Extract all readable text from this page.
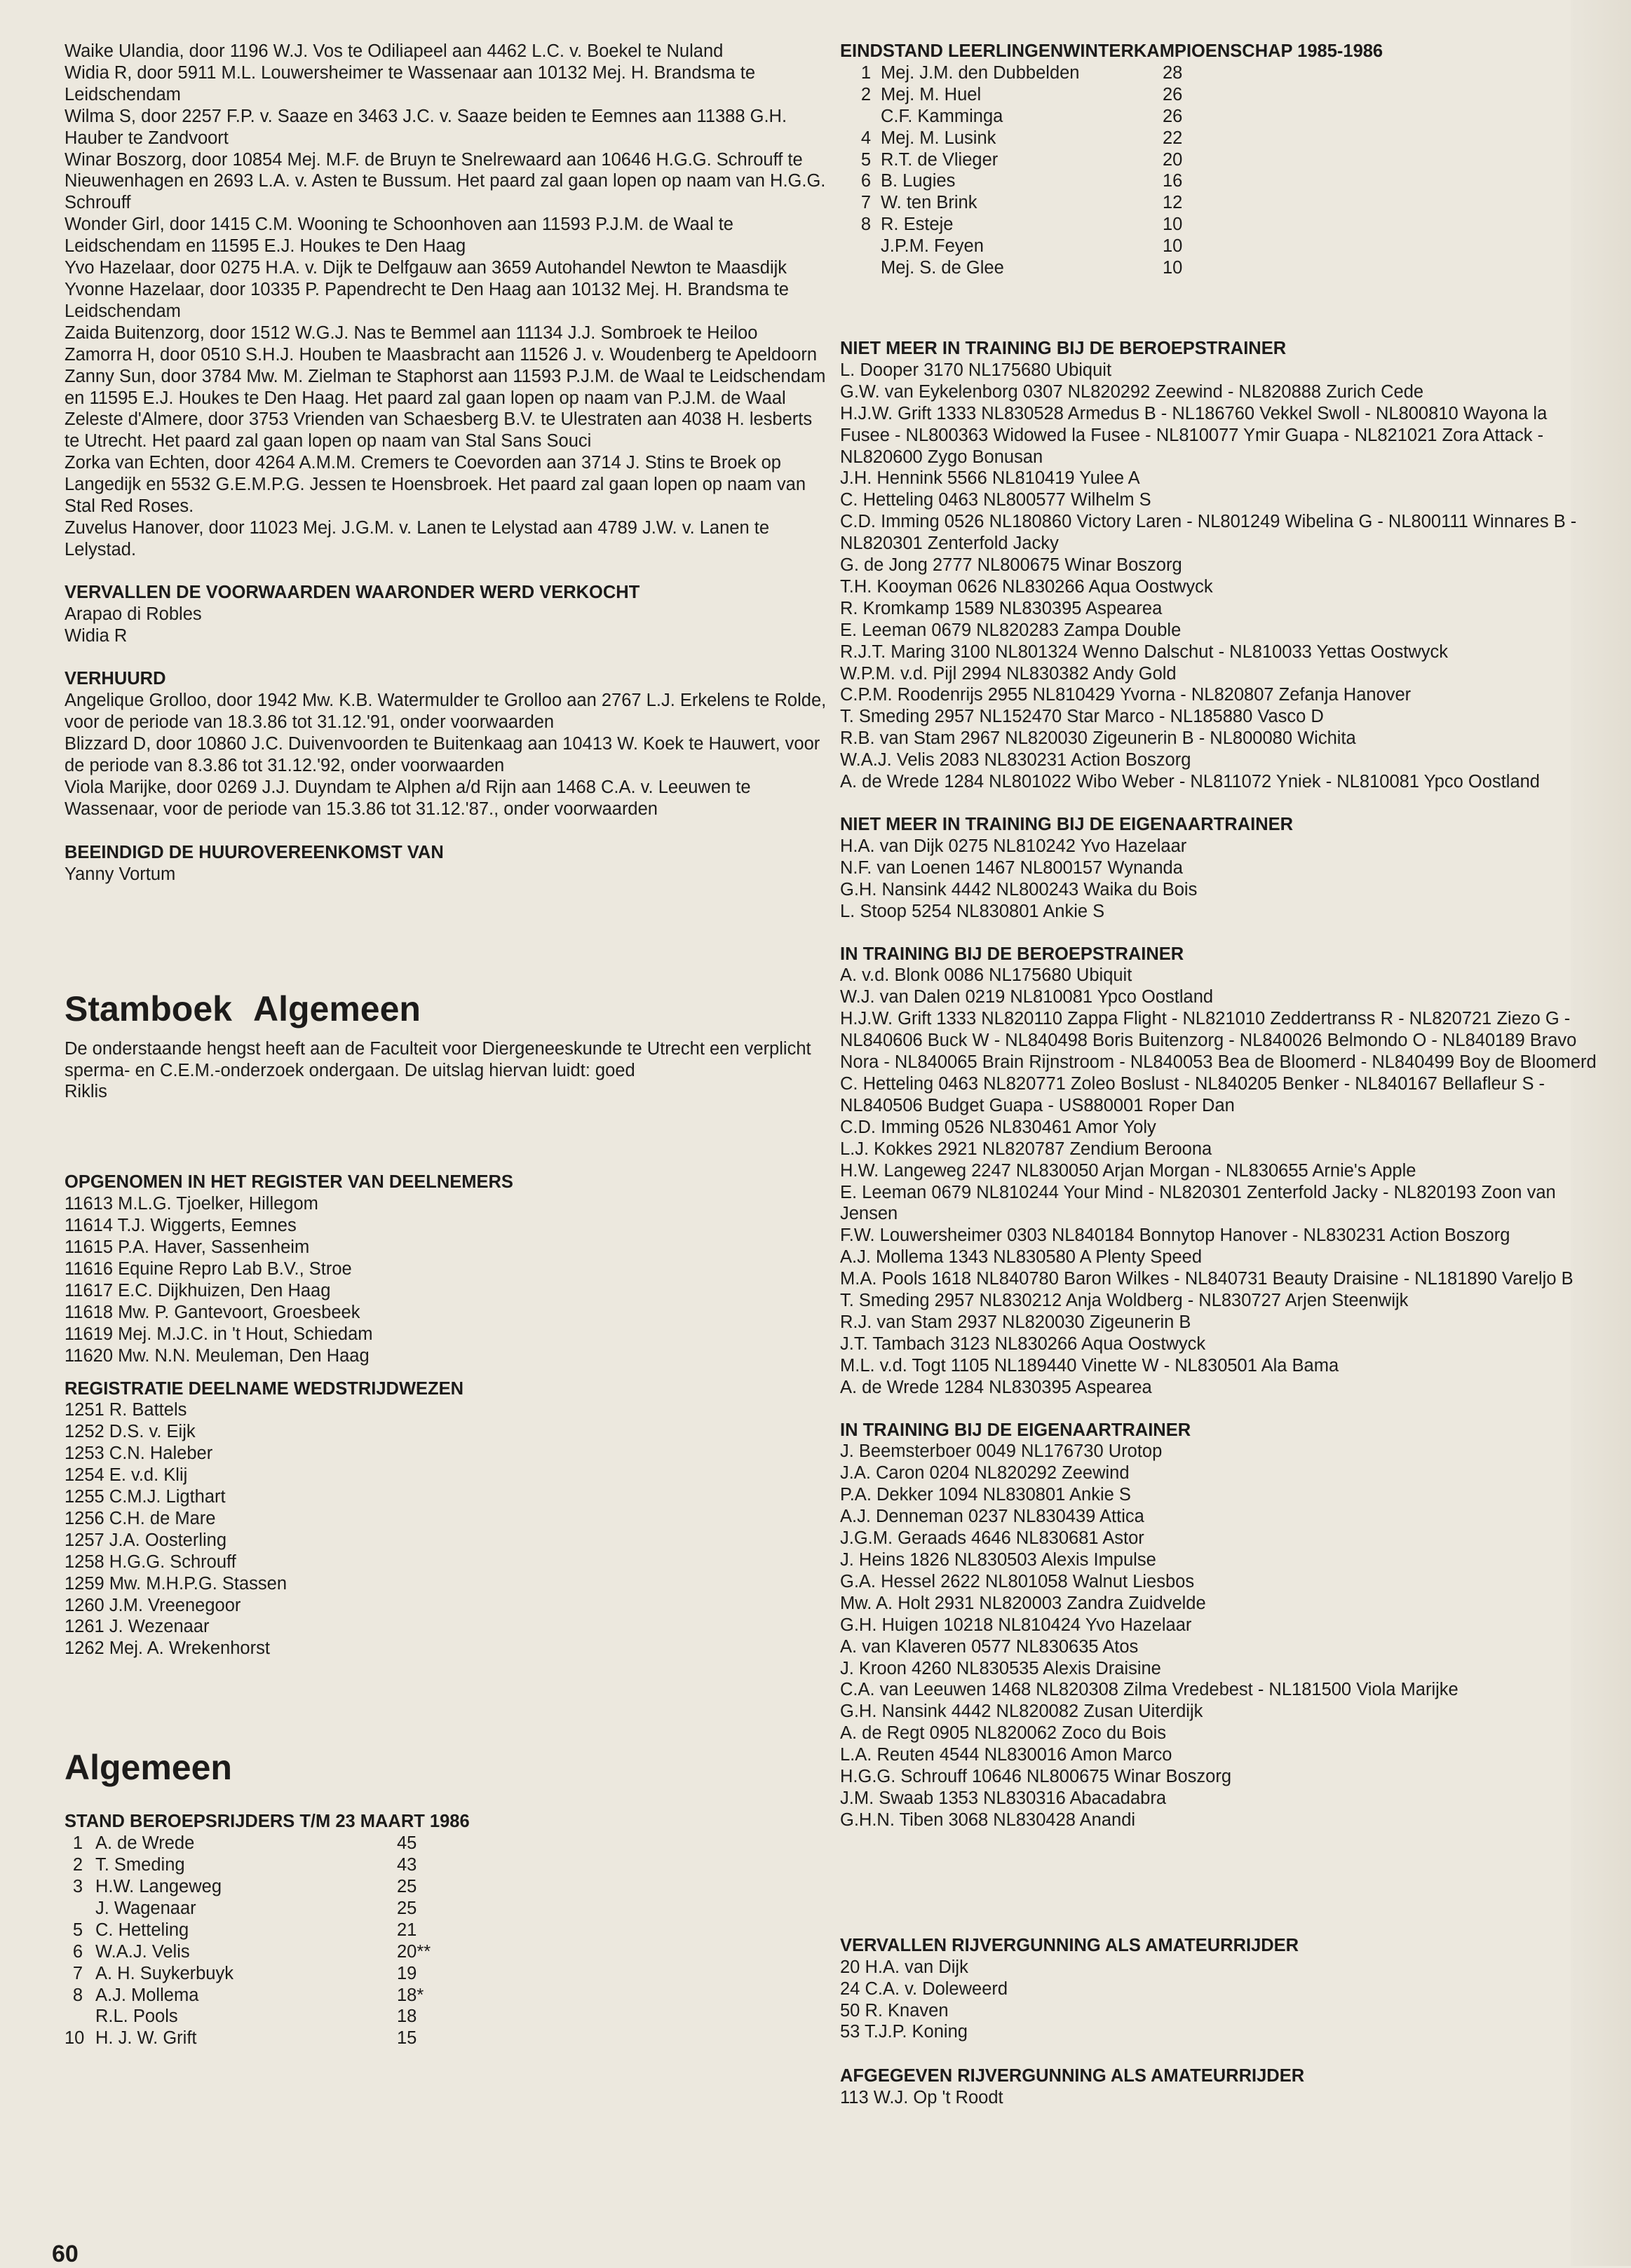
Waike Ulandia, door 1196 W.J. Vos te Odiliapeel aan 4462 L.C. v. Boekel te Nuland

Widia R, door 5911 M.L. Louwersheimer te Wassenaar aan 10132 Mej. H. Brandsma te Leidschendam

Wilma S, door 2257 F.P. v. Saaze en 3463 J.C. v. Saaze beiden te Eemnes aan 11388 G.H. Hauber te Zandvoort

Winar Boszorg, door 10854 Mej. M.F. de Bruyn te Snelrewaard aan 10646 H.G.G. Schrouff te Nieuwenhagen en 2693 L.A. v. Asten te Bussum. Het paard zal gaan lopen op naam van H.G.G. Schrouff

Wonder Girl, door 1415 C.M. Wooning te Schoonhoven aan 11593 P.J.M. de Waal te Leidschendam en 11595 E.J. Houkes te Den Haag

Yvo Hazelaar, door 0275 H.A. v. Dijk te Delfgauw aan 3659 Autohandel Newton te Maasdijk

Yvonne Hazelaar, door 10335 P. Papendrecht te Den Haag aan 10132 Mej. H. Brandsma te Leidschendam

Zaida Buitenzorg, door 1512 W.G.J. Nas te Bemmel aan 11134 J.J. Sombroek te Heiloo

Zamorra H, door 0510 S.H.J. Houben te Maasbracht aan 11526 J. v. Woudenberg te Apeldoorn

Zanny Sun, door 3784 Mw. M. Zielman te Staphorst aan 11593 P.J.M. de Waal te Leidschendam en 11595 E.J. Houkes te Den Haag. Het paard zal gaan lopen op naam van P.J.M. de Waal

Zeleste d'Almere, door 3753 Vrienden van Schaesberg B.V. te Ulestraten aan 4038 H. lesberts te Utrecht. Het paard zal gaan lopen op naam van Stal Sans Souci

Zorka van Echten, door 4264 A.M.M. Cremers te Coevorden aan 3714 J. Stins te Broek op Langedijk en 5532 G.E.M.P.G. Jessen te Hoensbroek. Het paard zal gaan lopen op naam van Stal Red Roses.

Zuvelus Hanover, door 11023 Mej. J.G.M. v. Lanen te Lelystad aan 4789 J.W. v. Lanen te Lelystad.

VERVALLEN DE VOORWAARDEN WAARONDER WERD VERKOCHT
Arapao di Robles
Widia R
VERHUURD

Angelique Grolloo, door 1942 Mw. K.B. Watermulder te Grolloo aan 2767 L.J. Erkelens te Rolde, voor de periode van 18.3.86 tot 31.12.'91, onder voorwaarden

Blizzard D, door 10860 J.C. Duivenvoorden te Buitenkaag aan 10413 W. Koek te Hauwert, voor de periode van 8.3.86 tot 31.12.'92, onder voorwaarden

Viola Marijke, door 0269 J.J. Duyndam te Alphen a/d Rijn aan 1468 C.A. v. Leeuwen te Wassenaar, voor de periode van 15.3.86 tot 31.12.'87., onder voorwaarden

BEEINDIGD DE HUUROVEREENKOMST VAN
Yanny Vortum
Stamboek Algemeen

De onderstaande hengst heeft aan de Faculteit voor Diergeneeskunde te Utrecht een verplicht sperma- en C.E.M.-onderzoek ondergaan. De uitslag hiervan luidt: goed

Riklis
OPGENOMEN IN HET REGISTER VAN DEELNEMERS
11613 M.L.G. Tjoelker, Hillegom
11614 T.J. Wiggerts, Eemnes
11615 P.A. Haver, Sassenheim
11616 Equine Repro Lab B.V., Stroe
11617 E.C. Dijkhuizen, Den Haag
11618 Mw. P. Gantevoort, Groesbeek
11619 Mej. M.J.C. in 't Hout, Schiedam
11620 Mw. N.N. Meuleman, Den Haag
REGISTRATIE DEELNAME WEDSTRIJDWEZEN
1251 R. Battels
1252 D.S. v. Eijk
1253 C.N. Haleber
1254 E. v.d. Klij
1255 C.M.J. Ligthart
1256 C.H. de Mare
1257 J.A. Oosterling
1258 H.G.G. Schrouff
1259 Mw. M.H.P.G. Stassen
1260 J.M. Vreenegoor
1261 J. Wezenaar
1262 Mej. A. Wrekenhorst
Algemeen
STAND BEROEPSRIJDERS T/M 23 MAART 1986
1 A. de Wrede	45
2 T. Smeding	43
3 H.W. Langeweg	25
J. Wagenaar	25
5 C. Hetteling	21
6 W.A.J. Velis	20**
7 A. H. Suykerbuyk	19
8 A.J. Mollema	18*
R.L. Pools	18
10 H. J. W. Grift	15
60
EINDSTAND LEERLINGENWINTERKAMPIOENSCHAP 1985-1986
1 Mej. J.M. den Dubbelden	28
2 Mej. M. Huel	26
C.F. Kamminga	26
4 Mej. M. Lusink	22
5 R.T. de Vlieger	20
6 B. Lugies	16
7 W. ten Brink	12
8 R. Esteje	10
J.P.M. Feyen	10
Mej. S. de Glee	10
NIET MEER IN TRAINING BIJ DE BEROEPSTRAINER

L. Dooper 3170 NL175680 Ubiquit

G.W. van Eykelenborg 0307 NL820292 Zeewind - NL820888 Zurich Cede

H.J.W. Grift 1333 NL830528 Armedus B - NL186760 Vekkel Swoll - NL800810 Wayona la Fusee - NL800363 Widowed la Fusee - NL810077 Ymir Guapa - NL821021 Zora Attack - NL820600 Zygo Bonusan

J.H. Hennink 5566 NL810419 Yulee A

C. Hetteling 0463 NL800577 Wilhelm S

C.D. Imming 0526 NL180860 Victory Laren - NL801249 Wibelina G - NL800111 Winnares B - NL820301 Zenterfold Jacky

G. de Jong 2777 NL800675 Winar Boszorg

T.H. Kooyman 0626 NL830266 Aqua Oostwyck

R. Kromkamp 1589 NL830395 Aspearea

E. Leeman 0679 NL820283 Zampa Double

R.J.T. Maring 3100 NL801324 Wenno Dalschut - NL810033 Yettas Oostwyck

W.P.M. v.d. Pijl 2994 NL830382 Andy Gold

C.P.M. Roodenrijs 2955 NL810429 Yvorna - NL820807 Zefanja Hanover

T. Smeding 2957 NL152470 Star Marco - NL185880 Vasco D

R.B. van Stam 2967 NL820030 Zigeunerin B - NL800080 Wichita

W.A.J. Velis 2083 NL830231 Action Boszorg

A. de Wrede 1284 NL801022 Wibo Weber - NL811072 Yniek - NL810081 Ypco Oostland

NIET MEER IN TRAINING BIJ DE EIGENAARTRAINER
H.A. van Dijk 0275 NL810242 Yvo Hazelaar
N.F. van Loenen 1467 NL800157 Wynanda
G.H. Nansink 4442 NL800243 Waika du Bois
L. Stoop 5254 NL830801 Ankie S
IN TRAINING BIJ DE BEROEPSTRAINER

A. v.d. Blonk 0086 NL175680 Ubiquit

W.J. van Dalen 0219 NL810081 Ypco Oostland

H.J.W. Grift 1333 NL820110 Zappa Flight - NL821010 Zeddertranss R - NL820721 Ziezo G - NL840606 Buck W - NL840498 Boris Buitenzorg - NL840026 Belmondo O - NL840189 Bravo Nora - NL840065 Brain Rijnstroom - NL840053 Bea de Bloomerd - NL840499 Boy de Bloomerd

C. Hetteling 0463 NL820771 Zoleo Boslust - NL840205 Benker - NL840167 Bellafleur S - NL840506 Budget Guapa - US880001 Roper Dan

C.D. Imming 0526 NL830461 Amor Yoly

L.J. Kokkes 2921 NL820787 Zendium Beroona

H.W. Langeweg 2247 NL830050 Arjan Morgan - NL830655 Arnie's Apple

E. Leeman 0679 NL810244 Your Mind - NL820301 Zenterfold Jacky - NL820193 Zoon van Jensen

F.W. Louwersheimer 0303 NL840184 Bonnytop Hanover - NL830231 Action Boszorg

A.J. Mollema 1343 NL830580 A Plenty Speed

M.A. Pools 1618 NL840780 Baron Wilkes - NL840731 Beauty Draisine - NL181890 Vareljo B

T. Smeding 2957 NL830212 Anja Woldberg - NL830727 Arjen Steenwijk

R.J. van Stam 2937 NL820030 Zigeunerin B

J.T. Tambach 3123 NL830266 Aqua Oostwyck

M.L. v.d. Togt 1105 NL189440 Vinette W - NL830501 Ala Bama

A. de Wrede 1284 NL830395 Aspearea

IN TRAINING BIJ DE EIGENAARTRAINER
J. Beemsterboer 0049 NL176730 Urotop
J.A. Caron 0204 NL820292 Zeewind
P.A. Dekker 1094 NL830801 Ankie S
A.J. Denneman 0237 NL830439 Attica
J.G.M. Geraads 4646 NL830681 Astor
J. Heins 1826 NL830503 Alexis Impulse
G.A. Hessel 2622 NL801058 Walnut Liesbos
Mw. A. Holt 2931 NL820003 Zandra Zuidvelde
G.H. Huigen 10218 NL810424 Yvo Hazelaar
A. van Klaveren 0577 NL830635 Atos
J. Kroon 4260 NL830535 Alexis Draisine
C.A. van Leeuwen 1468 NL820308 Zilma Vredebest - NL181500 Viola Marijke
G.H. Nansink 4442 NL820082 Zusan Uiterdijk
A. de Regt 0905 NL820062 Zoco du Bois
L.A. Reuten 4544 NL830016 Amon Marco
H.G.G. Schrouff 10646 NL800675 Winar Boszorg
J.M. Swaab 1353 NL830316 Abacadabra
G.H.N. Tiben 3068 NL830428 Anandi
VERVALLEN RIJVERGUNNING ALS AMATEURRIJDER
20 H.A. van Dijk
24 C.A. v. Doleweerd
50 R. Knaven
53 T.J.P. Koning
AFGEGEVEN RIJVERGUNNING ALS AMATEURRIJDER
113 W.J. Op 't Roodt
